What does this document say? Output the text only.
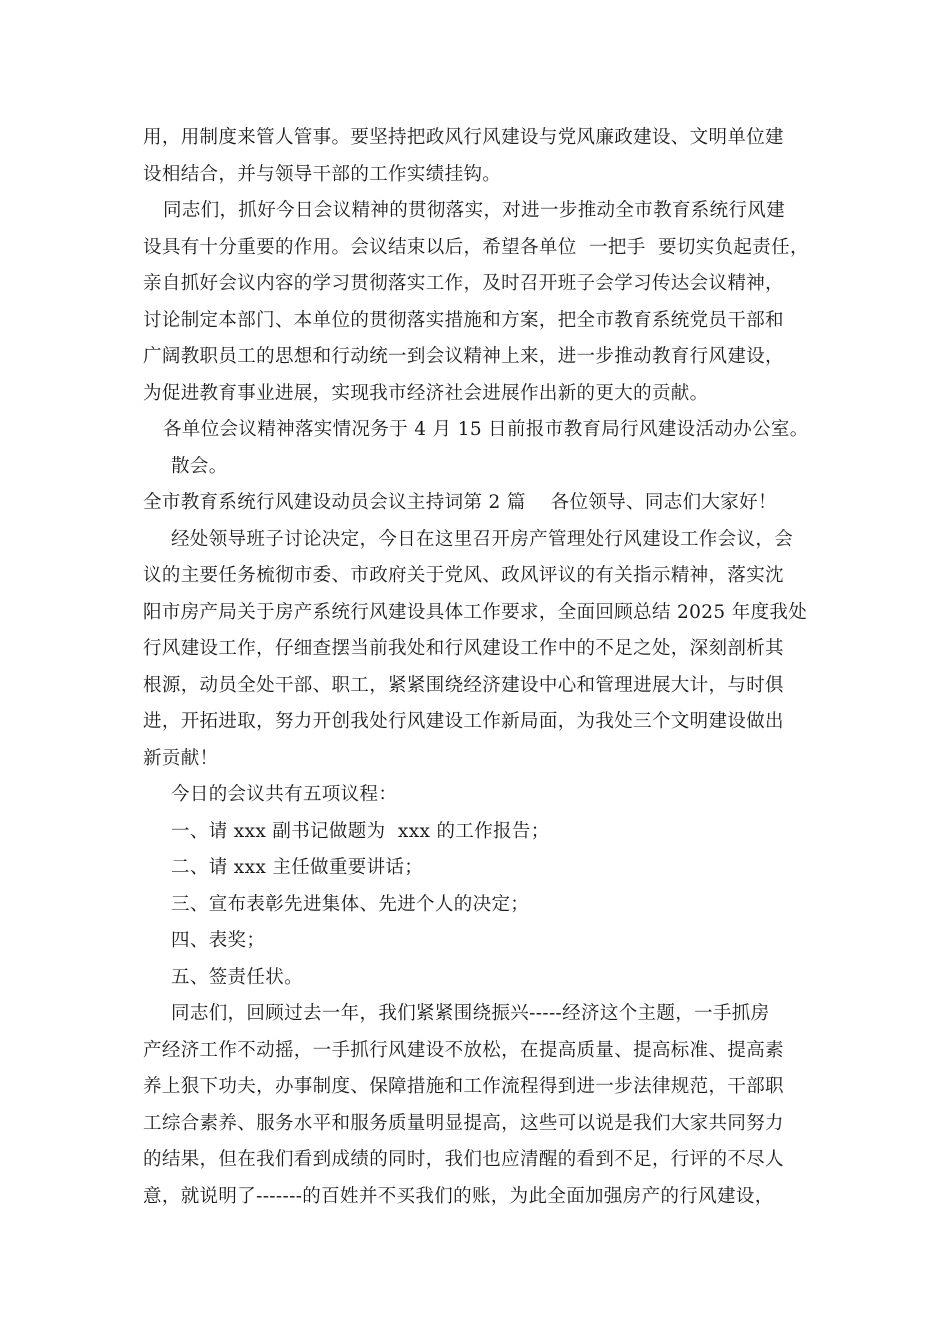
用，用制度来管人管事。要坚持把政风行风建设与党风廉政建设、文明单位建
设相结合，并与领导干部的工作实绩挂钩。
同志们，抓好今日会议精神的贯彻落实，对进一步推动全市教育系统行风建
设具有十分重要的作用。会议结束以后，希望各单位  一把手  要切实负起责任，
亲自抓好会议内容的学习贯彻落实工作，及时召开班子会学习传达会议精神，
讨论制定本部门、本单位的贯彻落实措施和方案，把全市教育系统党员干部和
广阔教职员工的思想和行动统一到会议精神上来，进一步推动教育行风建设，
为促进教育事业进展，实现我市经济社会进展作出新的更大的贡献。
各单位会议精神落实情况务于 4 月 15 日前报市教育局行风建设活动办公室。
散会。
全市教育系统行风建设动员会议主持词第 2 篇    各位领导、同志们大家好！
经处领导班子讨论决定，今日在这里召开房产管理处行风建设工作会议，会
议的主要任务梳彻市委、市政府关于党风、政风评议的有关指示精神，落实沈
阳市房产局关于房产系统行风建设具体工作要求，全面回顾总结 2025 年度我处
行风建设工作，仔细查摆当前我处和行风建设工作中的不足之处，深刻剖析其
根源，动员全处干部、职工，紧紧围绕经济建设中心和管理进展大计，与时俱
进，开拓进取，努力开创我处行风建设工作新局面，为我处三个文明建设做出
新贡献！
今日的会议共有五项议程：
一、请 xxx 副书记做题为  xxx 的工作报告；
二、请 xxx 主任做重要讲话；
三、宣布表彰先进集体、先进个人的决定；
四、表奖；
五、签责任状。
同志们，回顾过去一年，我们紧紧围绕振兴-----经济这个主题，一手抓房
产经济工作不动摇，一手抓行风建设不放松，在提高质量、提高标准、提高素
养上狠下功夫，办事制度、保障措施和工作流程得到进一步法律规范，干部职
工综合素养、服务水平和服务质量明显提高，这些可以说是我们大家共同努力
的结果，但在我们看到成绩的同时，我们也应清醒的看到不足，行评的不尽人
意，就说明了-------的百姓并不买我们的账，为此全面加强房产的行风建设，
